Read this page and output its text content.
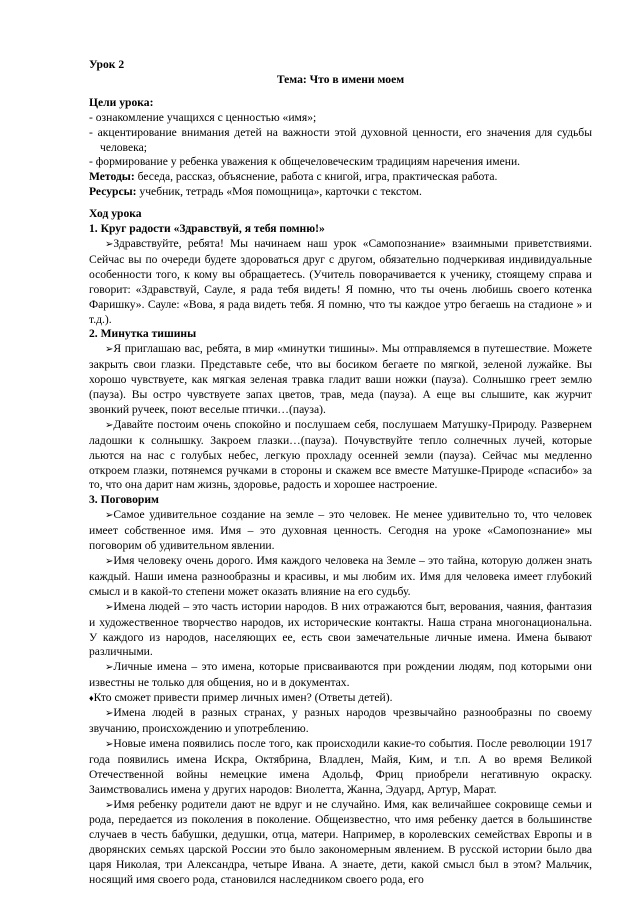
Урок 2

Тема: Что в имени моем

Цели урока:

- ознакомление учащихся с ценностью «имя»;

- акцентирование внимания детей на важности этой духовной ценности, его значения для судьбы человека;

- формирование у ребенка уважения к общечеловеческим традициям наречения имени.

Методы: беседа, рассказ, объяснение, работа с книгой, игра, практическая работа.

Ресурсы: учебник, тетрадь «Моя помощница», карточки с текстом.

Ход урока

1. Круг радости «Здравствуй, я тебя помню!»

➢Здравствуйте, ребята! Мы начинаем наш урок «Самопознание» взаимными приветствиями. Сейчас вы по очереди будете здороваться друг с другом, обязательно подчеркивая индивидуальные особенности того, к кому вы обращаетесь. (Учитель поворачивается к ученику, стоящему справа и говорит: «Здравствуй, Сауле, я рада тебя видеть! Я помню, что ты очень любишь своего котенка Фаришку». Сауле: «Вова, я рада видеть тебя. Я помню, что ты каждое утро бегаешь на стадионе » и т.д.).

2. Минутка тишины

➢Я приглашаю вас, ребята, в мир «минутки тишины». Мы отправляемся в путешествие. Можете закрыть свои глазки. Представьте себе, что вы босиком бегаете по мягкой, зеленой лужайке. Вы хорошо чувствуете, как мягкая зеленая травка гладит ваши ножки (пауза). Солнышко греет землю (пауза). Вы остро чувствуете запах цветов, трав, меда (пауза). А еще вы слышите, как журчит звонкий ручеек, поют веселые птички…(пауза).

➢Давайте постоим очень спокойно и послушаем себя, послушаем Матушку-Природу. Развернем ладошки к солнышку. Закроем глазки…(пауза). Почувствуйте тепло солнечных лучей, которые льются на нас с голубых небес, легкую прохладу осенней земли (пауза). Сейчас мы медленно откроем глазки, потянемся ручками в стороны и скажем все вместе Матушке-Природе «спасибо» за то, что она дарит нам жизнь, здоровье, радость и хорошее настроение.

3. Поговорим

➢Самое удивительное создание на земле – это человек. Не менее удивительно то, что человек имеет собственное имя. Имя – это духовная ценность. Сегодня на уроке «Самопознание» мы поговорим об удивительном явлении.

➢Имя человеку очень дорого. Имя каждого человека на Земле – это тайна, которую должен знать каждый. Наши имена разнообразны и красивы, и мы любим их. Имя для человека имеет глубокий смысл и в какой-то степени может оказать влияние на его судьбу.

➢Имена людей – это часть истории народов. В них отражаются быт, верования, чаяния, фантазия и художественное творчество народов, их исторические контакты. Наша страна многонациональна. У каждого из народов, населяющих ее, есть свои замечательные личные имена. Имена бывают различными.

➢Личные имена – это имена, которые присваиваются при рождении людям, под которыми они известны не только для общения, но и в документах.

♦Кто сможет привести пример личных имен? (Ответы детей).

➢Имена людей в разных странах, у разных народов чрезвычайно разнообразны по своему звучанию, происхождению и употреблению.

➢Новые имена появились после того, как происходили какие-то события. После революции 1917 года появились имена Искра, Октябрина, Владлен, Майя, Ким, и т.п. А во время Великой Отечественной войны немецкие имена Адольф, Фриц приобрели негативную окраску. Заимствовались имена у других народов: Виолетта, Жанна, Эдуард, Артур, Марат.

➢Имя ребенку родители дают не вдруг и не случайно. Имя, как величайшее сокровище семьи и рода, передается из поколения в поколение. Общеизвестно, что имя ребенку дается в большинстве случаев в честь бабушки, дедушки, отца, матери. Например, в королевских семействах Европы и в дворянских семьях царской России это было закономерным явлением. В русской истории было два царя Николая, три Александра, четыре Ивана. А знаете, дети, какой смысл был в этом? Мальчик, носящий имя своего рода, становился наследником своего рода, его
